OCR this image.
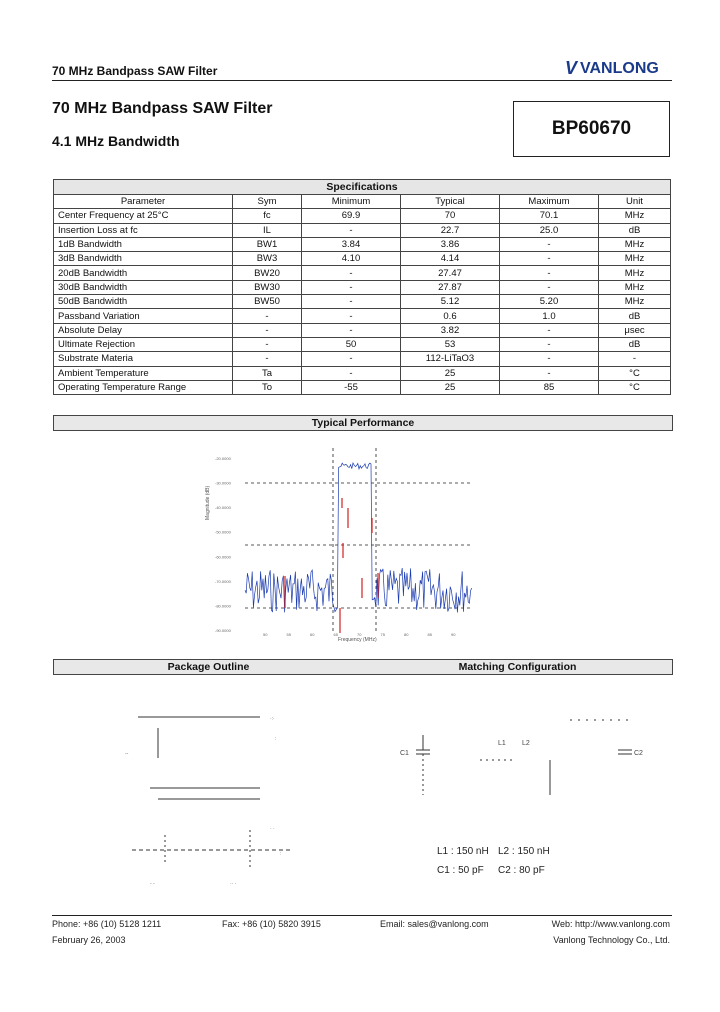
70 MHz Bandpass SAW Filter	V VANLONG
70 MHz Bandpass SAW Filter
4.1 MHz Bandwidth
BP60670
Specifications					
Parameter	Sym	Minimum	Typical	Maximum	Unit
Center Frequency at 25°C	fc	69.9	70	70.1	MHz
Insertion Loss at fc	IL	-	22.7	25.0	dB
1dB Bandwidth	BW1	3.84	3.86	-	MHz
3dB Bandwidth	BW3	4.10	4.14	-	MHz
20dB Bandwidth	BW20	-	27.47	-	MHz
30dB Bandwidth	BW30	-	27.87	-	MHz
50dB Bandwidth	BW50	-	5.12	5.20	MHz
Passband Variation	-	-	0.6	1.0	dB
Absolute Delay	-	-	3.82	-	μsec
Ultimate Rejection	-	50	53	-	dB
Substrate Materia	-	-	112-LiTaO3	-	-
Ambient Temperature	Ta	-	25	-	°C
Operating Temperature Range	To	-55	25	85	°C
Typical Performance
-20.0000
-30.0000
-40.0000
-50.0000
-60.0000
-70.0000
-80.0000
-90.0000
50	55	60	65	70	75	80	85	90
Magnitude (dB)
Frequency (MHz)
Package Outline	Matching Configuration
·:·
:
--
· ·
:
- -	·· ·
C1
L1 L2
C2
L1 : 150 nH L2 : 150 nH
C1 : 50 pF C2 : 80 pF
Phone: +86 (10) 5128 1211	Fax: +86 (10) 5820 3915	Email: sales@vanlong.com	Web: http://www.vanlong.com
February 26, 2003	Vanlong Technology Co., Ltd.
